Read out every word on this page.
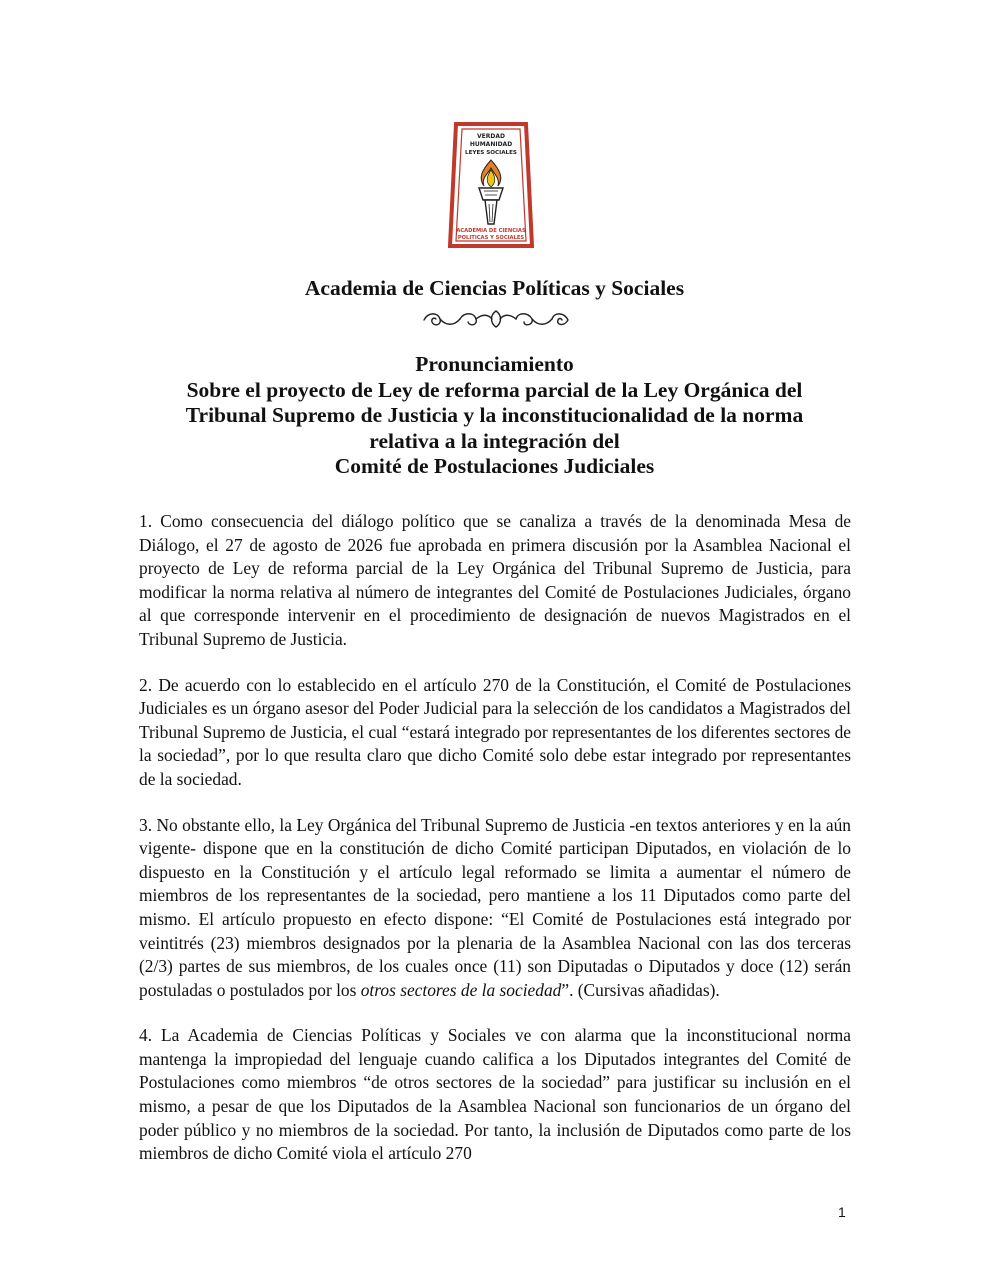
VERDAD
HUMANIDAD
LEYES SOCIALES
ACADEMIA DE CIENCIAS
POLITICAS Y SOCIALES
Academia de Ciencias Políticas y Sociales
Pronunciamiento
Sobre el proyecto de Ley de reforma parcial de la Ley Orgánica del
Tribunal Supremo de Justicia y la inconstitucionalidad de la norma
relativa a la integración del
Comité de Postulaciones Judiciales

1. Como consecuencia del diálogo político que se canaliza a través de la denominada Mesa de Diálogo, el 27 de agosto de 2026 fue aprobada en primera discusión por la Asamblea Nacional el proyecto de Ley de reforma parcial de la Ley Orgánica del Tribunal Supremo de Justicia, para modificar la norma relativa al número de integrantes del Comité de Postulaciones Judiciales, órgano al que corresponde intervenir en el procedimiento de designación de nuevos Magistrados en el Tribunal Supremo de Justicia.

2. De acuerdo con lo establecido en el artículo 270 de la Constitución, el Comité de Postulaciones Judiciales es un órgano asesor del Poder Judicial para la selección de los candidatos a Magistrados del Tribunal Supremo de Justicia, el cual “estará integrado por representantes de los diferentes sectores de la sociedad”, por lo que resulta claro que dicho Comité solo debe estar integrado por representantes de la sociedad.

3. No obstante ello, la Ley Orgánica del Tribunal Supremo de Justicia -en textos anteriores y en la aún vigente- dispone que en la constitución de dicho Comité participan Diputados, en violación de lo dispuesto en la Constitución y el artículo legal reformado se limita a aumentar el número de miembros de los representantes de la sociedad, pero mantiene a los 11 Diputados como parte del mismo. El artículo propuesto en efecto dispone: “El Comité de Postulaciones está integrado por veintitrés (23) miembros designados por la plenaria de la Asamblea Nacional con las dos terceras (2/3) partes de sus miembros, de los cuales once (11) son Diputadas o Diputados y doce (12) serán postuladas o postulados por los otros sectores de la sociedad”. (Cursivas añadidas).

4. La Academia de Ciencias Políticas y Sociales ve con alarma que la inconstitucional norma mantenga la impropiedad del lenguaje cuando califica a los Diputados integrantes del Comité de Postulaciones como miembros “de otros sectores de la sociedad” para justificar su inclusión en el mismo, a pesar de que los Diputados de la Asamblea Nacional son funcionarios de un órgano del poder público y no miembros de la sociedad. Por tanto, la inclusión de Diputados como parte de los miembros de dicho Comité viola el artículo 270

1
